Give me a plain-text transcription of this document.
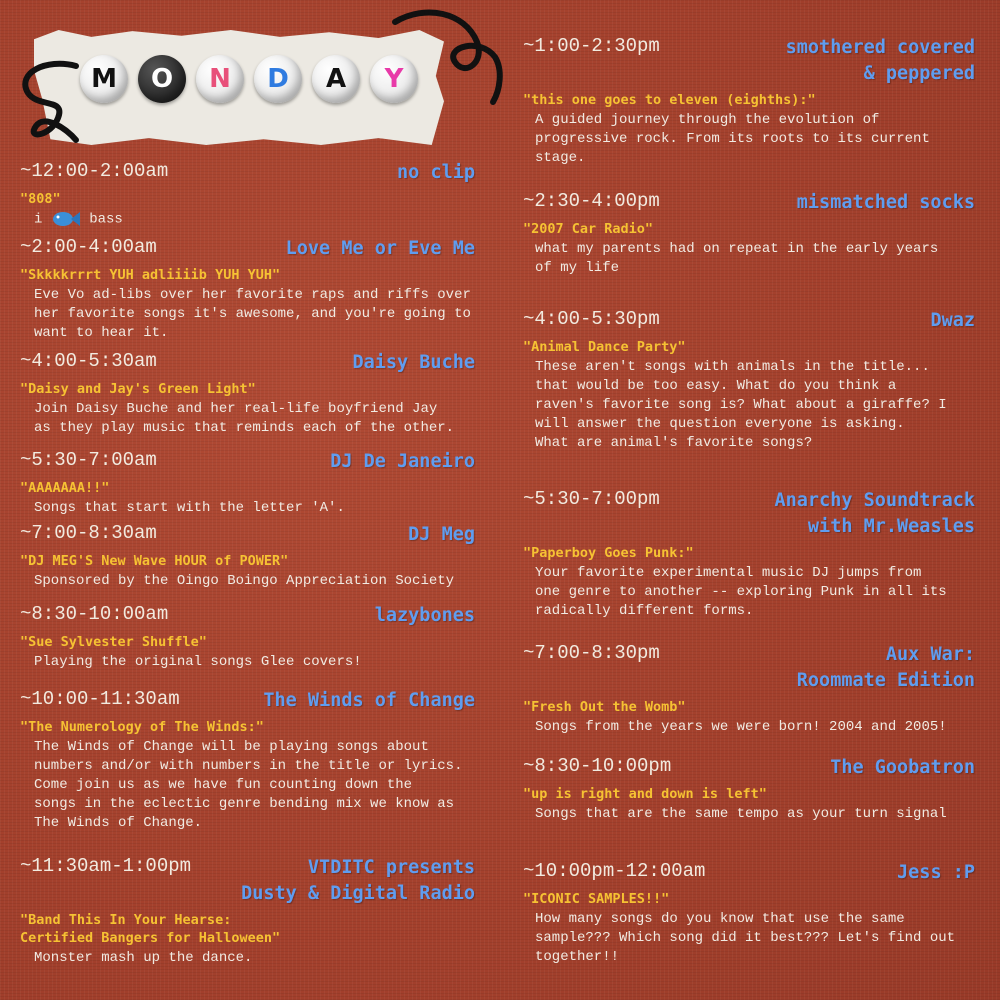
M	O	N	D	A	Y
~12:00-2:00am	no clip
"808"
i  bass
~2:00-4:00am	Love Me or Eve Me
"Skkkkrrrt YUH adliiiib YUH YUH"
Eve Vo ad-libs over her favorite raps and riffs over
her favorite songs it's awesome, and you're going to
want to hear it.
~4:00-5:30am	Daisy Buche
"Daisy and Jay's Green Light"
Join Daisy Buche and her real-life boyfriend Jay
as they play music that reminds each of the other.
~5:30-7:00am	DJ De Janeiro
"AAAAAAA!!"
Songs that start with the letter 'A'.
~7:00-8:30am	DJ Meg
"DJ MEG'S New Wave HOUR of POWER"
Sponsored by the Oingo Boingo Appreciation Society
~8:30-10:00am	lazybones
"Sue Sylvester Shuffle"
Playing the original songs Glee covers!
~10:00-11:30am	The Winds of Change
"The Numerology of The Winds:"
The Winds of Change will be playing songs about
numbers and/or with numbers in the title or lyrics.
Come join us as we have fun counting down the
songs in the eclectic genre bending mix we know as
The Winds of Change.
~11:30am-1:00pm	VTDITC presents
Dusty & Digital Radio
"Band This In Your Hearse:
Certified Bangers for Halloween"
Monster mash up the dance.
~1:00-2:30pm	smothered covered
& peppered
"this one goes to eleven (eighths):"
A guided journey through the evolution of
progressive rock. From its roots to its current stage.
~2:30-4:00pm	mismatched socks
"2007 Car Radio"
what my parents had on repeat in the early years
of my life
~4:00-5:30pm	Dwaz
"Animal Dance Party"
These aren't songs with animals in the title...
that would be too easy. What do you think a
raven's favorite song is? What about a giraffe? I
will answer the question everyone is asking.
What are animal's favorite songs?
~5:30-7:00pm	Anarchy Soundtrack
with Mr.Weasles
"Paperboy Goes Punk:"
Your favorite experimental music DJ jumps from
one genre to another -- exploring Punk in all its
radically different forms.
~7:00-8:30pm	Aux War:
Roommate Edition
"Fresh Out the Womb"
Songs from the years we were born! 2004 and 2005!
~8:30-10:00pm	The Goobatron
"up is right and down is left"
Songs that are the same tempo as your turn signal
~10:00pm-12:00am	Jess :P
"ICONIC SAMPLES!!"
How many songs do you know that use the same
sample??? Which song did it best??? Let's find out
together!!
